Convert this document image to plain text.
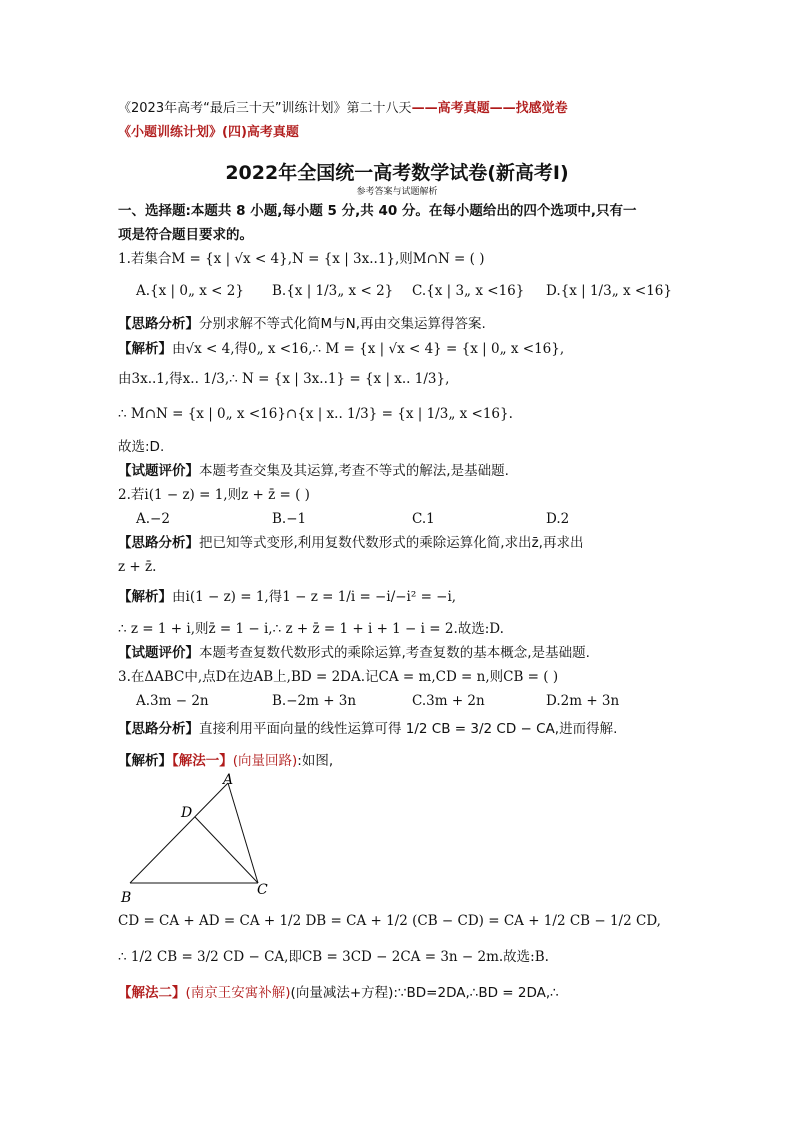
《2023年高考“最后三十天”训练计划》第二十八天——高考真题——找感觉卷
《小题训练计划》(四)高考真题
2022年全国统一高考数学试卷(新高考Ⅰ)
参考答案与试题解析
一、选择题:本题共 8 小题,每小题 5 分,共 40 分。在每小题给出的四个选项中,只有一
项是符合题目要求的。
1.若集合M = {x | √x < 4},N = {x | 3x..1},则M∩N = ( )
A.{x | 0„ x < 2} B.{x | 1/3„ x < 2} C.{x | 3„ x <16} D.{x | 1/3„ x <16}
【思路分析】分别求解不等式化简M与N,再由交集运算得答案.
【解析】由√x < 4,得0„ x <16,∴ M = {x | √x < 4} = {x | 0„ x <16},
由3x..1,得x.. 1/3,∴ N = {x | 3x..1} = {x | x.. 1/3},
∴ M∩N = {x | 0„ x <16}∩{x | x.. 1/3} = {x | 1/3„ x <16}.
故选:D.
【试题评价】本题考查交集及其运算,考查不等式的解法,是基础题.
2.若i(1 − z) = 1,则z + z̄ = ( )
A.−2	B.−1	C.1	D.2
【思路分析】把已知等式变形,利用复数代数形式的乘除运算化简,求出z̄,再求出
z + z̄.
【解析】由i(1 − z) = 1,得1 − z = 1/i = −i/−i² = −i,
∴ z = 1 + i,则z̄ = 1 − i,∴ z + z̄ = 1 + i + 1 − i = 2.故选:D.
【试题评价】本题考查复数代数形式的乘除运算,考查复数的基本概念,是基础题.
3.在ΔABC中,点D在边AB上,BD = 2DA.记CA = m,CD = n,则CB = ( )
A.3m − 2n	B.−2m + 3n	C.3m + 2n	D.2m + 3n
【思路分析】直接利用平面向量的线性运算可得 1/2 CB = 3/2 CD − CA,进而得解.
【解析】【解法一】(向量回路):如图,
A
D
B	C
CD = CA + AD = CA + 1/2 DB = CA + 1/2 (CB − CD) = CA + 1/2 CB − 1/2 CD,
∴ 1/2 CB = 3/2 CD − CA,即CB = 3CD − 2CA = 3n − 2m.故选:B.
【解法二】(南京王安寓补解)(向量减法+方程):∵BD=2DA,∴BD = 2DA,∴
